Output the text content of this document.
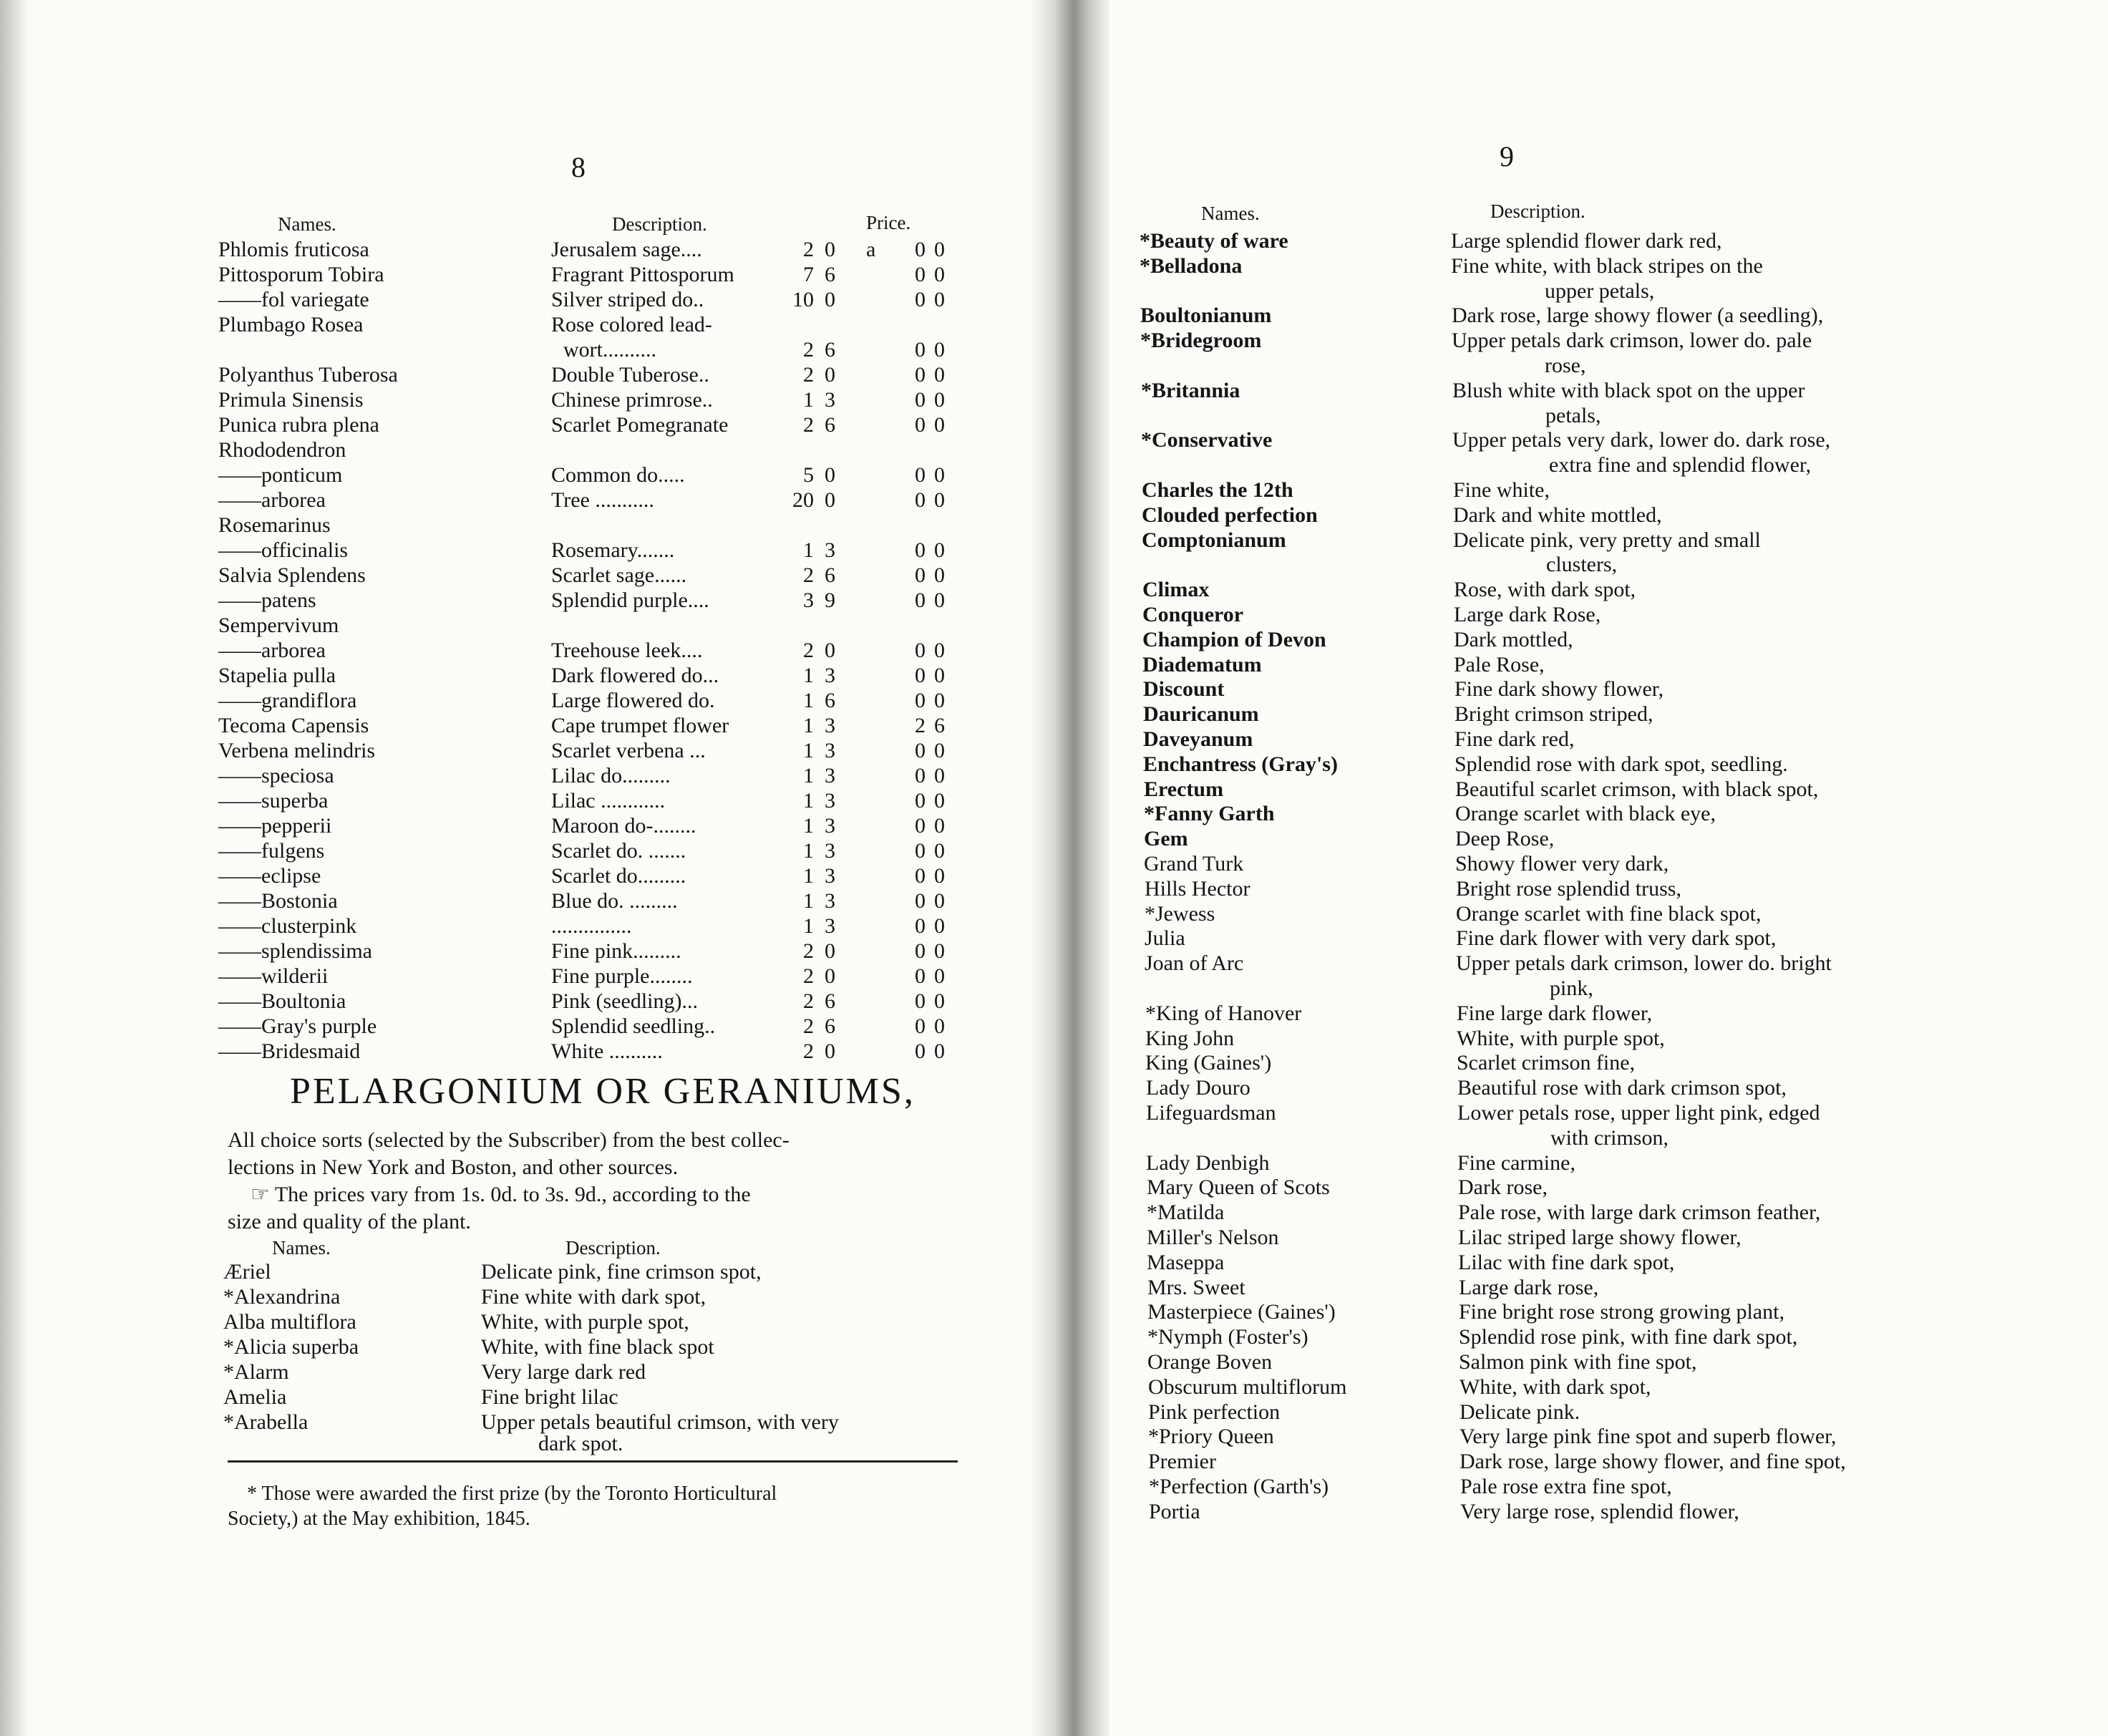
8
Names.	Description.	Price.
Phlomis fruticosa	Jerusalem sage....	2 0 a	0 0
Pittosporum Tobira	Fragrant Pittosporum	7 6	0 0
——fol variegate	Silver striped do..	10 0	0 0
Plumbago Rosea	Rose colored lead-
wort..........	2 6	0 0
Polyanthus Tuberosa	Double Tuberose..	2 0	0 0
Primula Sinensis	Chinese primrose..	1 3	0 0
Punica rubra plena	Scarlet Pomegranate	2 6	0 0
Rhododendron
——ponticum	Common do.....	5 0	0 0
——arborea	Tree ...........	20 0	0 0
Rosemarinus
——officinalis	Rosemary.......	1 3	0 0
Salvia Splendens	Scarlet sage......	2 6	0 0
——patens	Splendid purple....	3 9	0 0
Sempervivum
——arborea	Treehouse leek....	2 0	0 0
Stapelia pulla	Dark flowered do...	1 3	0 0
——grandiflora	Large flowered do.	1 6	0 0
Tecoma Capensis	Cape trumpet flower	1 3	2 6
Verbena melindris	Scarlet verbena ...	1 3	0 0
——speciosa	Lilac do.........	1 3	0 0
——superba	Lilac ............	1 3	0 0
——pepperii	Maroon do-........	1 3	0 0
——fulgens	Scarlet do. .......	1 3	0 0
——eclipse	Scarlet do.........	1 3	0 0
——Bostonia	Blue do. .........	1 3	0 0
——clusterpink	...............	1 3	0 0
——splendissima	Fine pink.........	2 0	0 0
——wilderii	Fine purple........	2 0	0 0
——Boultonia	Pink (seedling)...	2 6	0 0
——Gray's purple	Splendid seedling..	2 6	0 0
——Bridesmaid	White ..........	2 0	0 0
PELARGONIUM OR GERANIUMS,
All choice sorts (selected by the Subscriber) from the best collec-
lections in New York and Boston, and other sources.
☞ The prices vary from 1s. 0d. to 3s. 9d., according to the
size and quality of the plant.
Names.	Description.
Æriel	Delicate pink, fine crimson spot,
*Alexandrina	Fine white with dark spot,
Alba multiflora	White, with purple spot,
*Alicia superba	White, with fine black spot
*Alarm	Very large dark red
Amelia	Fine bright lilac
*Arabella	Upper petals beautiful crimson, with very
dark spot.
* Those were awarded the first prize (by the Toronto Horticultural
Society,) at the May exhibition, 1845.
9
Names.	Description.
*Beauty of ware	Large splendid flower dark red,
*Belladona	Fine white, with black stripes on the
upper petals,
Boultonianum	Dark rose, large showy flower (a seedling),
*Bridegroom	Upper petals dark crimson, lower do. pale
rose,
*Britannia	Blush white with black spot on the upper
petals,
*Conservative	Upper petals very dark, lower do. dark rose,
extra fine and splendid flower,
Charles the 12th	Fine white,
Clouded perfection	Dark and white mottled,
Comptonianum	Delicate pink, very pretty and small
clusters,
Climax	Rose, with dark spot,
Conqueror	Large dark Rose,
Champion of Devon	Dark mottled,
Diadematum	Pale Rose,
Discount	Fine dark showy flower,
Dauricanum	Bright crimson striped,
Daveyanum	Fine dark red,
Enchantress (Gray's)	Splendid rose with dark spot, seedling.
Erectum	Beautiful scarlet crimson, with black spot,
*Fanny Garth	Orange scarlet with black eye,
Gem	Deep Rose,
Grand Turk	Showy flower very dark,
Hills Hector	Bright rose splendid truss,
*Jewess	Orange scarlet with fine black spot,
Julia	Fine dark flower with very dark spot,
Joan of Arc	Upper petals dark crimson, lower do. bright
pink,
*King of Hanover	Fine large dark flower,
King John	White, with purple spot,
King (Gaines')	Scarlet crimson fine,
Lady Douro	Beautiful rose with dark crimson spot,
Lifeguardsman	Lower petals rose, upper light pink, edged
with crimson,
Lady Denbigh	Fine carmine,
Mary Queen of Scots	Dark rose,
*Matilda	Pale rose, with large dark crimson feather,
Miller's Nelson	Lilac striped large showy flower,
Maseppa	Lilac with fine dark spot,
Mrs. Sweet	Large dark rose,
Masterpiece (Gaines')	Fine bright rose strong growing plant,
*Nymph (Foster's)	Splendid rose pink, with fine dark spot,
Orange Boven	Salmon pink with fine spot,
Obscurum multiflorum	White, with dark spot,
Pink perfection	Delicate pink.
*Priory Queen	Very large pink fine spot and superb flower,
Premier	Dark rose, large showy flower, and fine spot,
*Perfection (Garth's)	Pale rose extra fine spot,
Portia	Very large rose, splendid flower,
